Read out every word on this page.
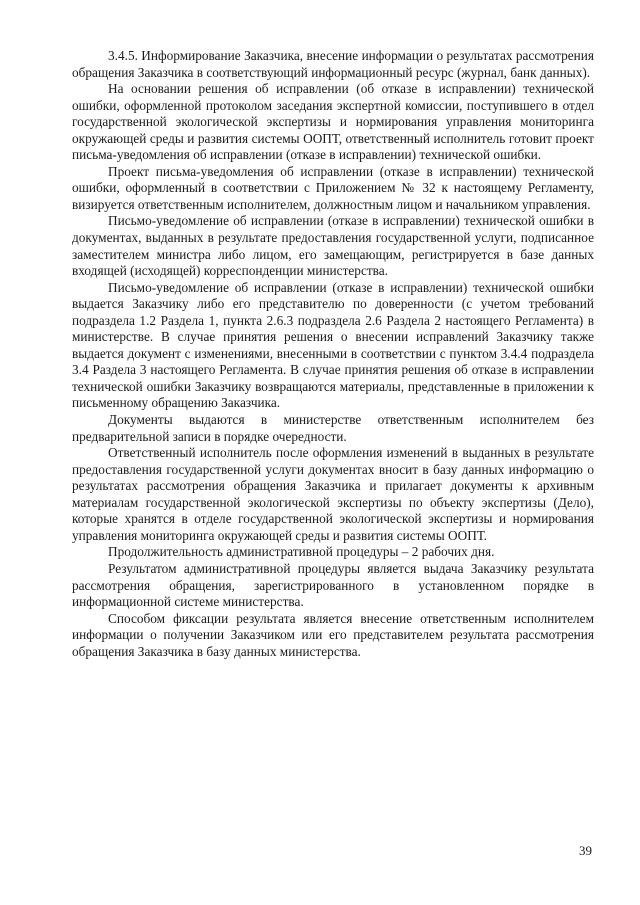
3.4.5. Информирование Заказчика, внесение информации о результатах рассмотрения обращения Заказчика в соответствующий информационный ресурс (журнал, банк данных).

На основании решения об исправлении (об отказе в исправлении) технической ошибки, оформленной протоколом заседания экспертной комиссии, поступившего в отдел государственной экологической экспертизы и нормирования управления мониторинга окружающей среды и развития системы ООПТ, ответственный исполнитель готовит проект письма-уведомления об исправлении (отказе в исправлении) технической ошибки.

Проект письма-уведомления об исправлении (отказе в исправлении) технической ошибки, оформленный в соответствии с Приложением № 32 к настоящему Регламенту, визируется ответственным исполнителем, должностным лицом и начальником управления.

Письмо-уведомление об исправлении (отказе в исправлении) технической ошибки в документах, выданных в результате предоставления государственной услуги, подписанное заместителем министра либо лицом, его замещающим, регистрируется в базе данных входящей (исходящей) корреспонденции министерства.

Письмо-уведомление об исправлении (отказе в исправлении) технической ошибки выдается Заказчику либо его представителю по доверенности (с учетом требований подраздела 1.2 Раздела 1, пункта 2.6.3 подраздела 2.6 Раздела 2 настоящего Регламента) в министерстве. В случае принятия решения о внесении исправлений Заказчику также выдается документ с изменениями, внесенными в соответствии с пунктом 3.4.4 подраздела 3.4 Раздела 3 настоящего Регламента. В случае принятия решения об отказе в исправлении технической ошибки Заказчику возвращаются материалы, представленные в приложении к письменному обращению Заказчика.

Документы выдаются в министерстве ответственным исполнителем без предварительной записи в порядке очередности.

Ответственный исполнитель после оформления изменений в выданных в результате предоставления государственной услуги документах вносит в базу данных информацию о результатах рассмотрения обращения Заказчика и прилагает документы к архивным материалам государственной экологической экспертизы по объекту экспертизы (Дело), которые хранятся в отделе государственной экологической экспертизы и нормирования управления мониторинга окружающей среды и развития системы ООПТ.

Продолжительность административной процедуры – 2 рабочих дня.

Результатом административной процедуры является выдача Заказчику результата рассмотрения обращения, зарегистрированного в установленном порядке в информационной системе министерства.

Способом фиксации результата является внесение ответственным исполнителем информации о получении Заказчиком или его представителем результата рассмотрения обращения Заказчика в базу данных министерства.

39
